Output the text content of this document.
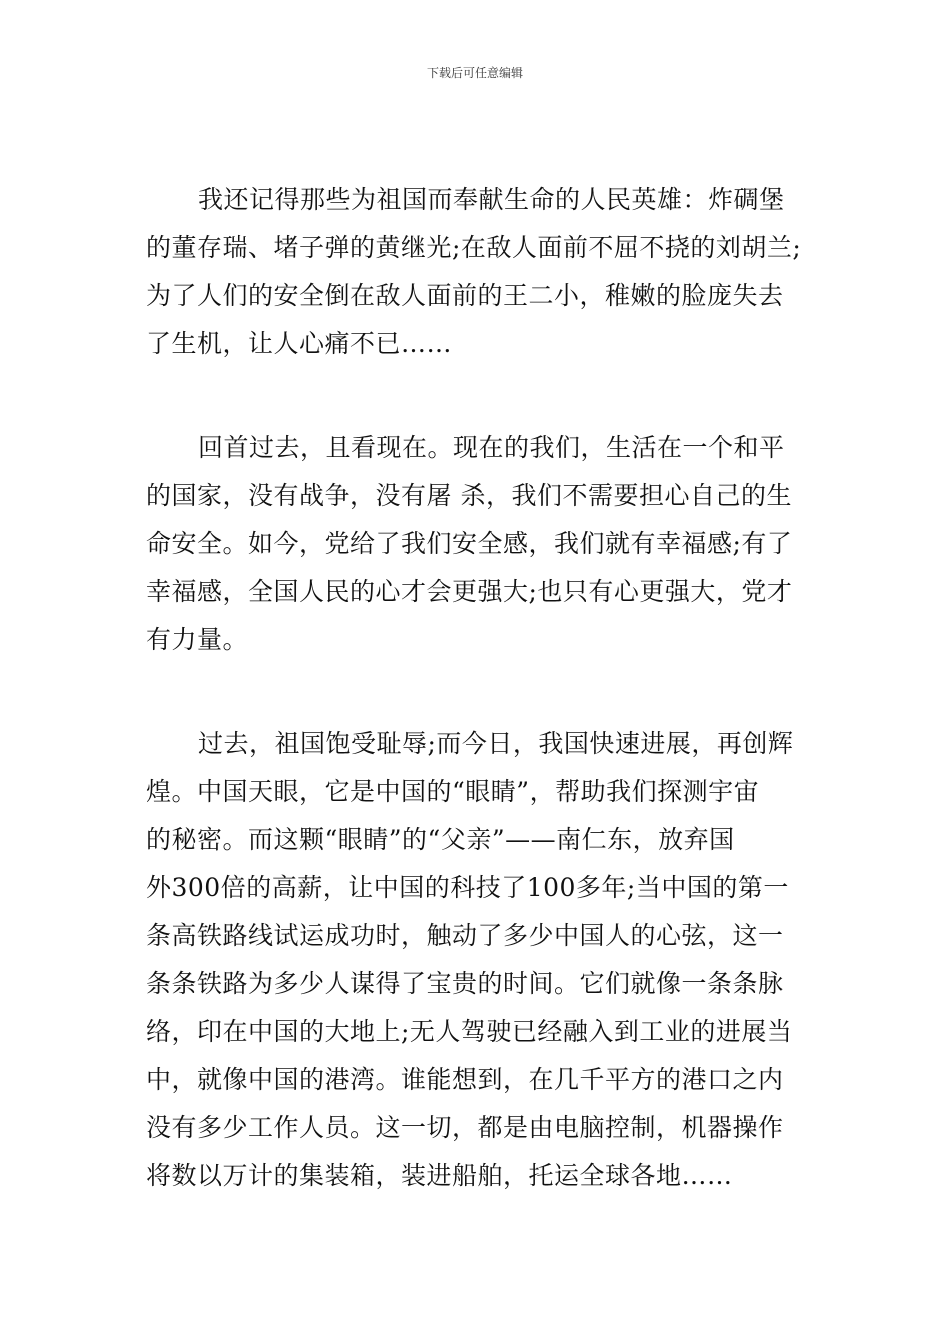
下载后可任意编辑
我还记得那些为祖国而奉献生命的人民英雄：炸碉堡
的董存瑞、堵子弹的黄继光;在敌人面前不屈不挠的刘胡兰;
为了人们的安全倒在敌人面前的王二小，稚嫩的脸庞失去
了生机，让人心痛不已……
回首过去，且看现在。现在的我们，生活在一个和平
的国家，没有战争，没有屠 杀，我们不需要担心自己的生
命安全。如今，党给了我们安全感，我们就有幸福感;有了
幸福感，全国人民的心才会更强大;也只有心更强大，党才
有力量。
过去，祖国饱受耻辱;而今日，我国快速进展，再创辉
煌。中国天眼，它是中国的“眼睛”，帮助我们探测宇宙
的秘密。而这颗“眼睛”的“父亲”——南仁东，放弃国
外300倍的高薪，让中国的科技了100多年;当中国的第一
条高铁路线试运成功时，触动了多少中国人的心弦，这一
条条铁路为多少人谋得了宝贵的时间。它们就像一条条脉
络，印在中国的大地上;无人驾驶已经融入到工业的进展当
中，就像中国的港湾。谁能想到，在几千平方的港口之内
没有多少工作人员。这一切，都是由电脑控制，机器操作
将数以万计的集装箱，装进船舶，托运全球各地……
